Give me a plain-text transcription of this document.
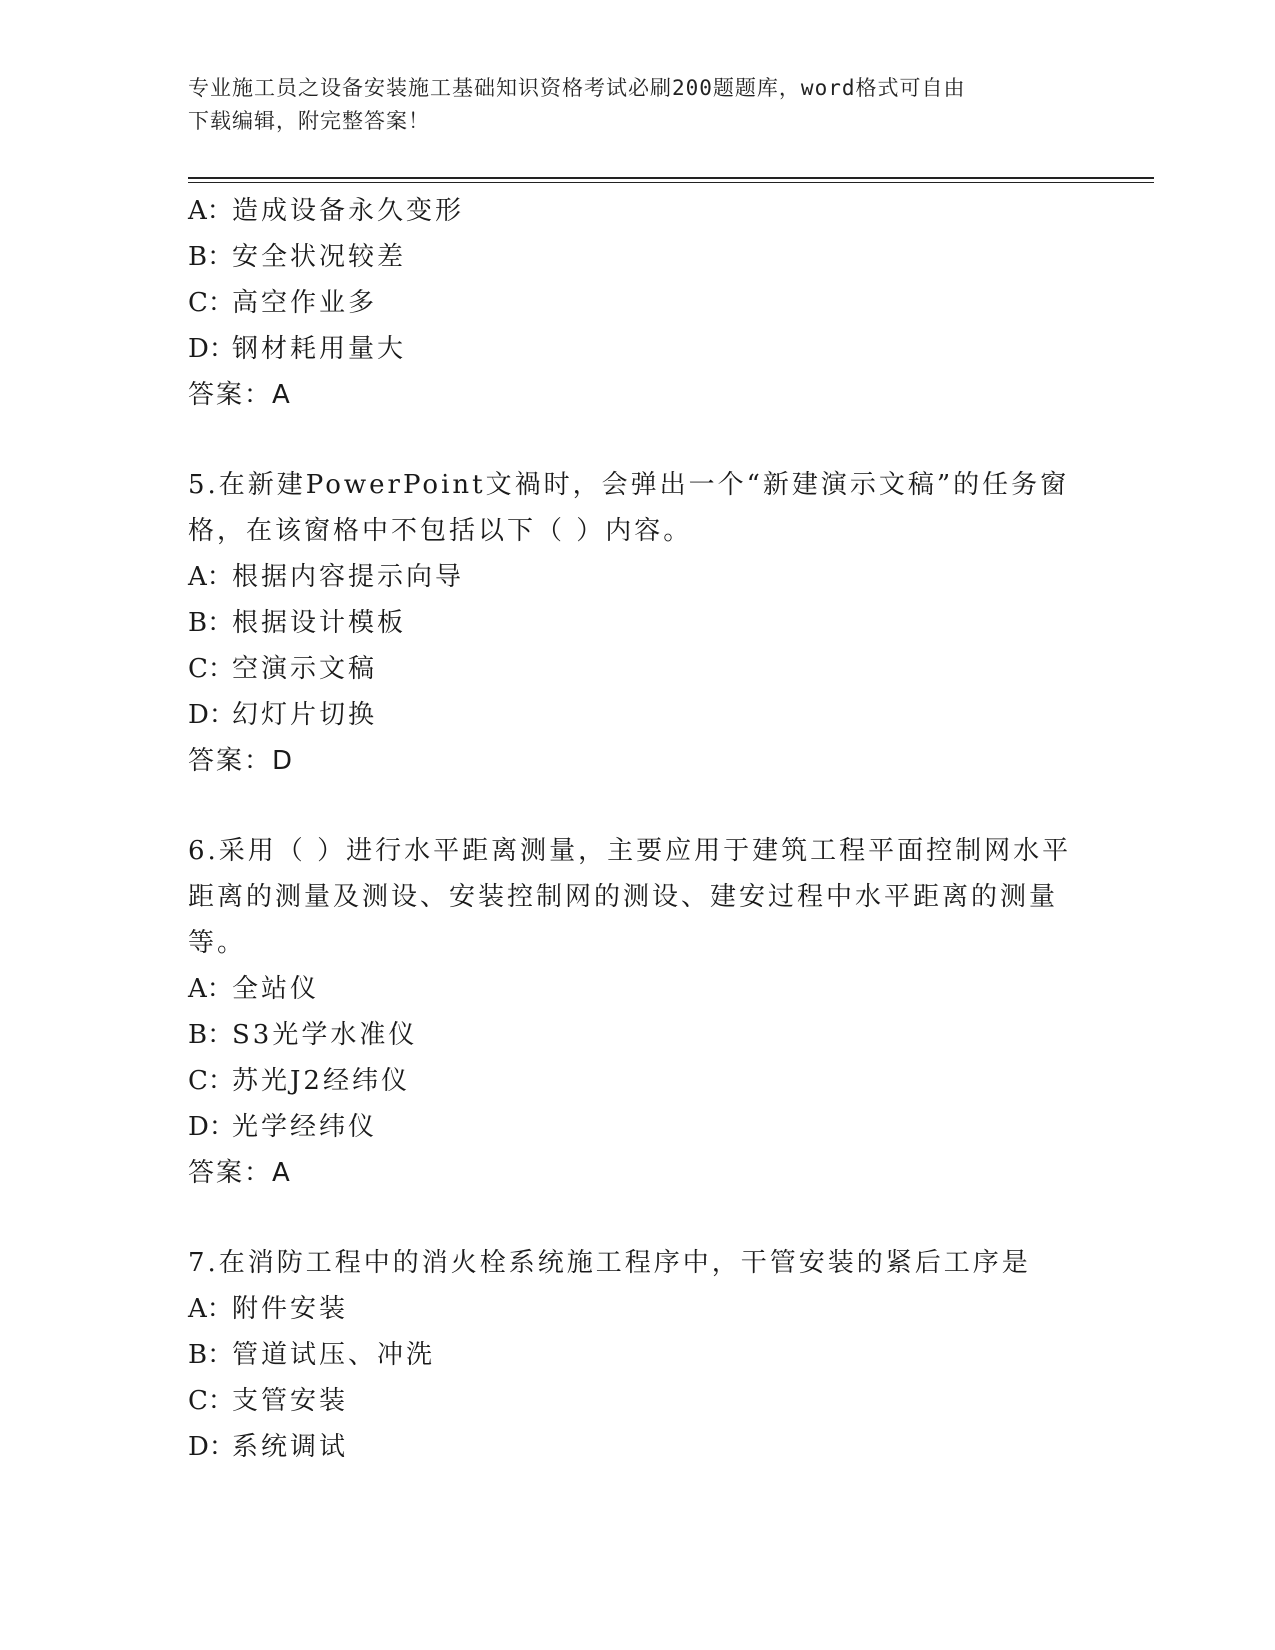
专业施工员之设备安装施工基础知识资格考试必刷200题题库，word格式可自由
下载编辑，附完整答案！
A：造成设备永久变形
B：安全状况较差
C：高空作业多
D：钢材耗用量大
答案：A
5.在新建PowerPoint文禍时，会弹出一个“新建演示文稿”的任务窗
格，在该窗格中不包括以下（ ）内容。
A：根据内容提示向导
B：根据设计模板
C：空演示文稿
D：幻灯片切换
答案：D
6.采用（ ）进行水平距离测量，主要应用于建筑工程平面控制网水平
距离的测量及测设、安装控制网的测设、建安过程中水平距离的测量
等。
A：全站仪
B：S3光学水准仪
C：苏光J2经纬仪
D：光学经纬仪
答案：A
7.在消防工程中的消火栓系统施工程序中，干管安装的紧后工序是
A：附件安装
B：管道试压、冲洗
C：支管安装
D：系统调试
